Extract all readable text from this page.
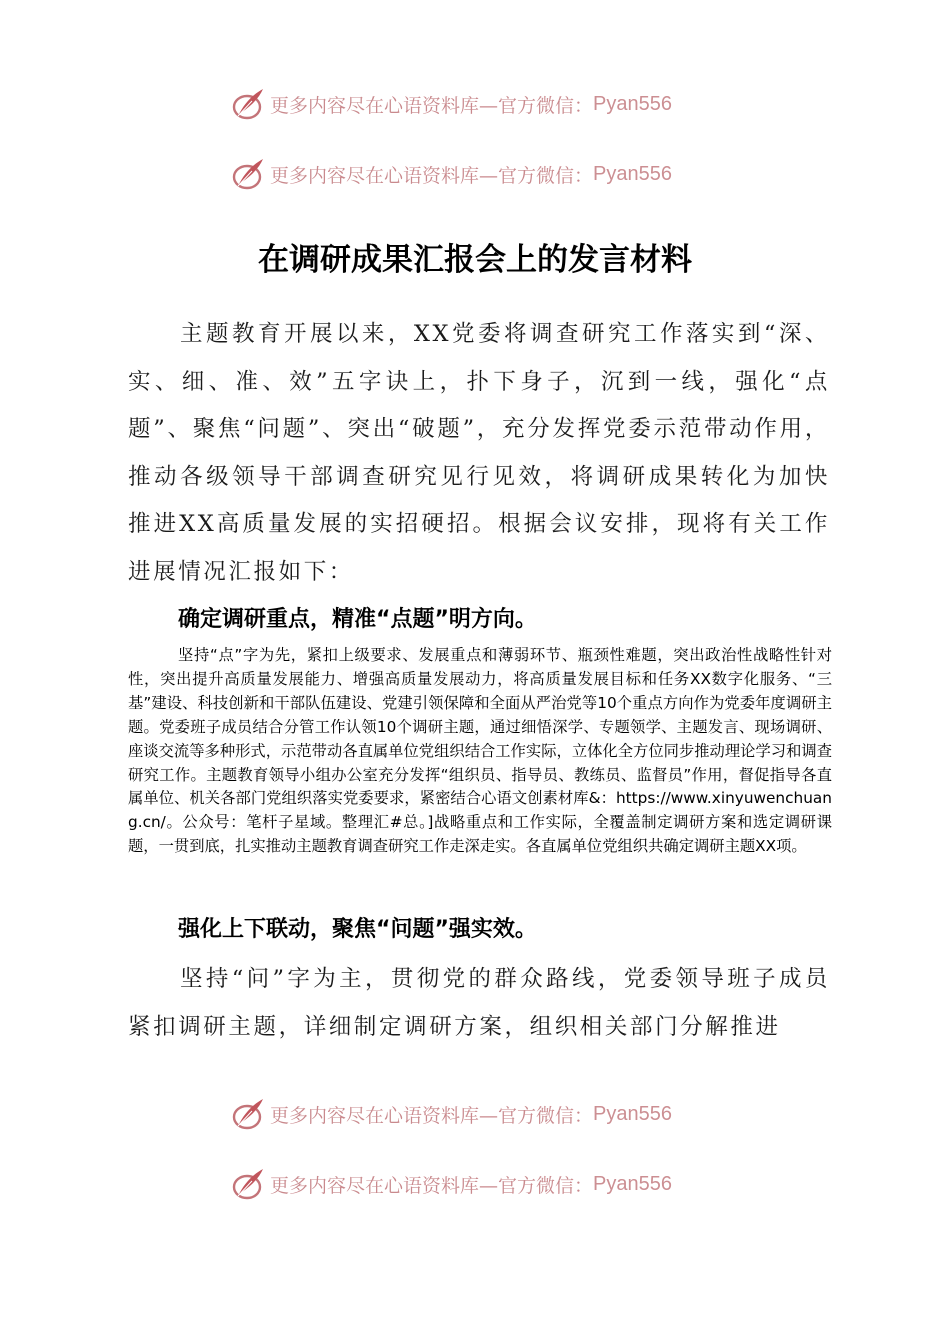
更多内容尽在心语资料库—官方微信： Pyan556
更多内容尽在心语资料库—官方微信： Pyan556
在调研成果汇报会上的发言材料

主题教育开展以来，XX党委将调查研究工作落实到“深、实、细、准、效”五字诀上，扑下身子，沉到一线，强化“点题”、聚焦“问题”、突出“破题”，充分发挥党委示范带动作用，推动各级领导干部调查研究见行见效，将调研成果转化为加快推进XX高质量发展的实招硬招。根据会议安排，现将有关工作进展情况汇报如下：

确定调研重点，精准“点题”明方向。

坚持“点”字为先，紧扣上级要求、发展重点和薄弱环节、瓶颈性难题，突出政治性战略性针对性，突出提升高质量发展能力、增强高质量发展动力，将高质量发展目标和任务XX数字化服务、“三基”建设、科技创新和干部队伍建设、党建引领保障和全面从严治党等10个重点方向作为党委年度调研主题。党委班子成员结合分管工作认领10个调研主题，通过细悟深学、专题领学、主题发言、现场调研、座谈交流等多种形式，示范带动各直属单位党组织结合工作实际，立体化全方位同步推动理论学习和调查研究工作。主题教育领导小组办公室充分发挥“组织员、指导员、教练员、监督员”作用，督促指导各直属单位、机关各部门党组织落实党委要求，紧密结合心语文创素材库&：https://www.xinyuwenchuang.cn/。公众号：笔杆子星域。整理汇#总。]战略重点和工作实际，全覆盖制定调研方案和选定调研课题，一贯到底，扎实推动主题教育调查研究工作走深走实。各直属单位党组织共确定调研主题XX项。

强化上下联动，聚焦“问题”强实效。

坚持“问”字为主，贯彻党的群众路线，党委领导班子成员紧扣调研主题，详细制定调研方案，组织相关部门分解推进

更多内容尽在心语资料库—官方微信： Pyan556
更多内容尽在心语资料库—官方微信： Pyan556
